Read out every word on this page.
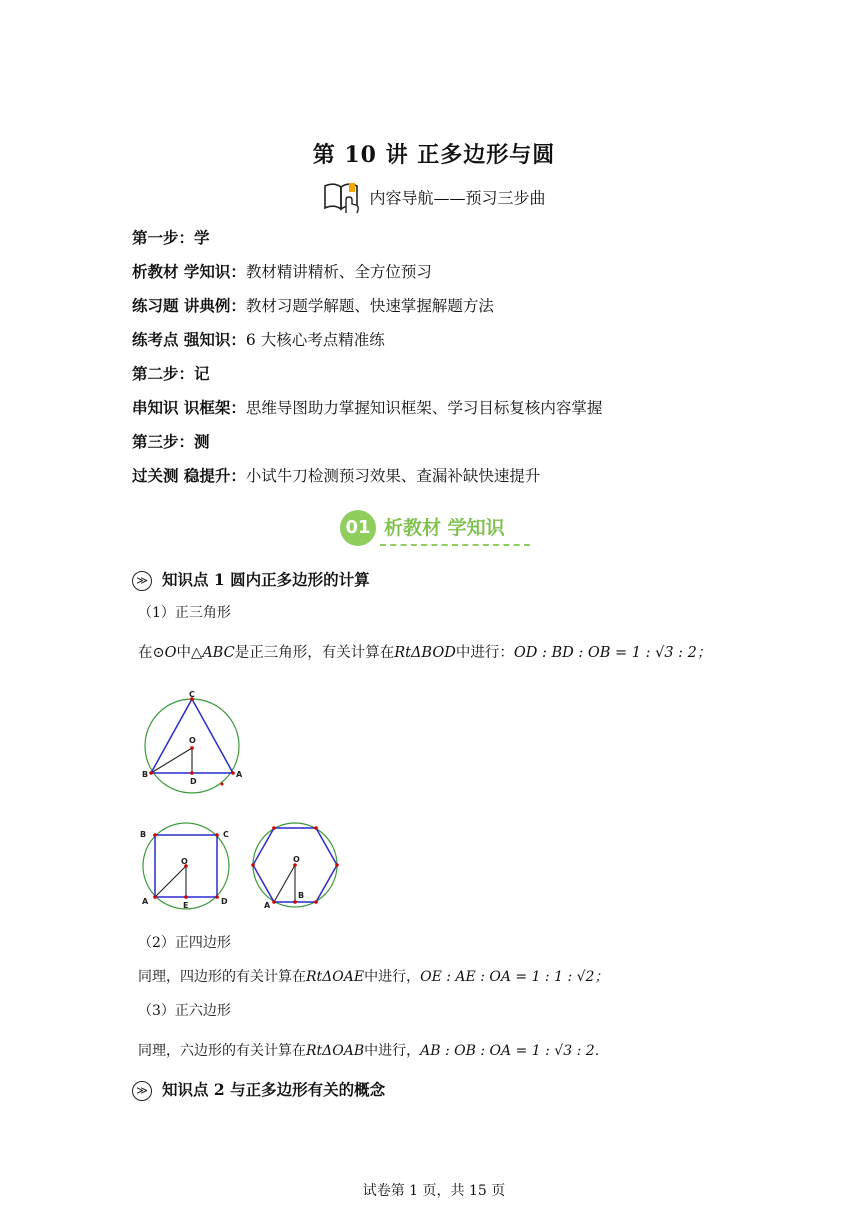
第 10 讲 正多边形与圆
内容导航——预习三步曲
第一步：学
析教材 学知识：教材精讲精析、全方位预习
练习题 讲典例：教材习题学解题、快速掌握解题方法
练考点 强知识：6 大核心考点精准练
第二步：记
串知识 识框架：思维导图助力掌握知识框架、学习目标复核内容掌握
第三步：测
过关测 稳提升：小试牛刀检测预习效果、查漏补缺快速提升
01 析教材 学知识
≫ 知识点 1 圆内正多边形的计算
（1）正三角形
在⊙O中△ABC是正三角形，有关计算在RtΔBOD中进行：OD : BD : OB = 1 : √3 : 2；
C
O
B
D
A
B	C
O
A	E	D
O
A
B
（2）正四边形
同理，四边形的有关计算在RtΔOAE中进行，OE : AE : OA = 1 : 1 : √2；
（3）正六边形
同理，六边形的有关计算在RtΔOAB中进行，AB : OB : OA = 1 : √3 : 2．
≫ 知识点 2 与正多边形有关的概念
试卷第 1 页，共 15 页
